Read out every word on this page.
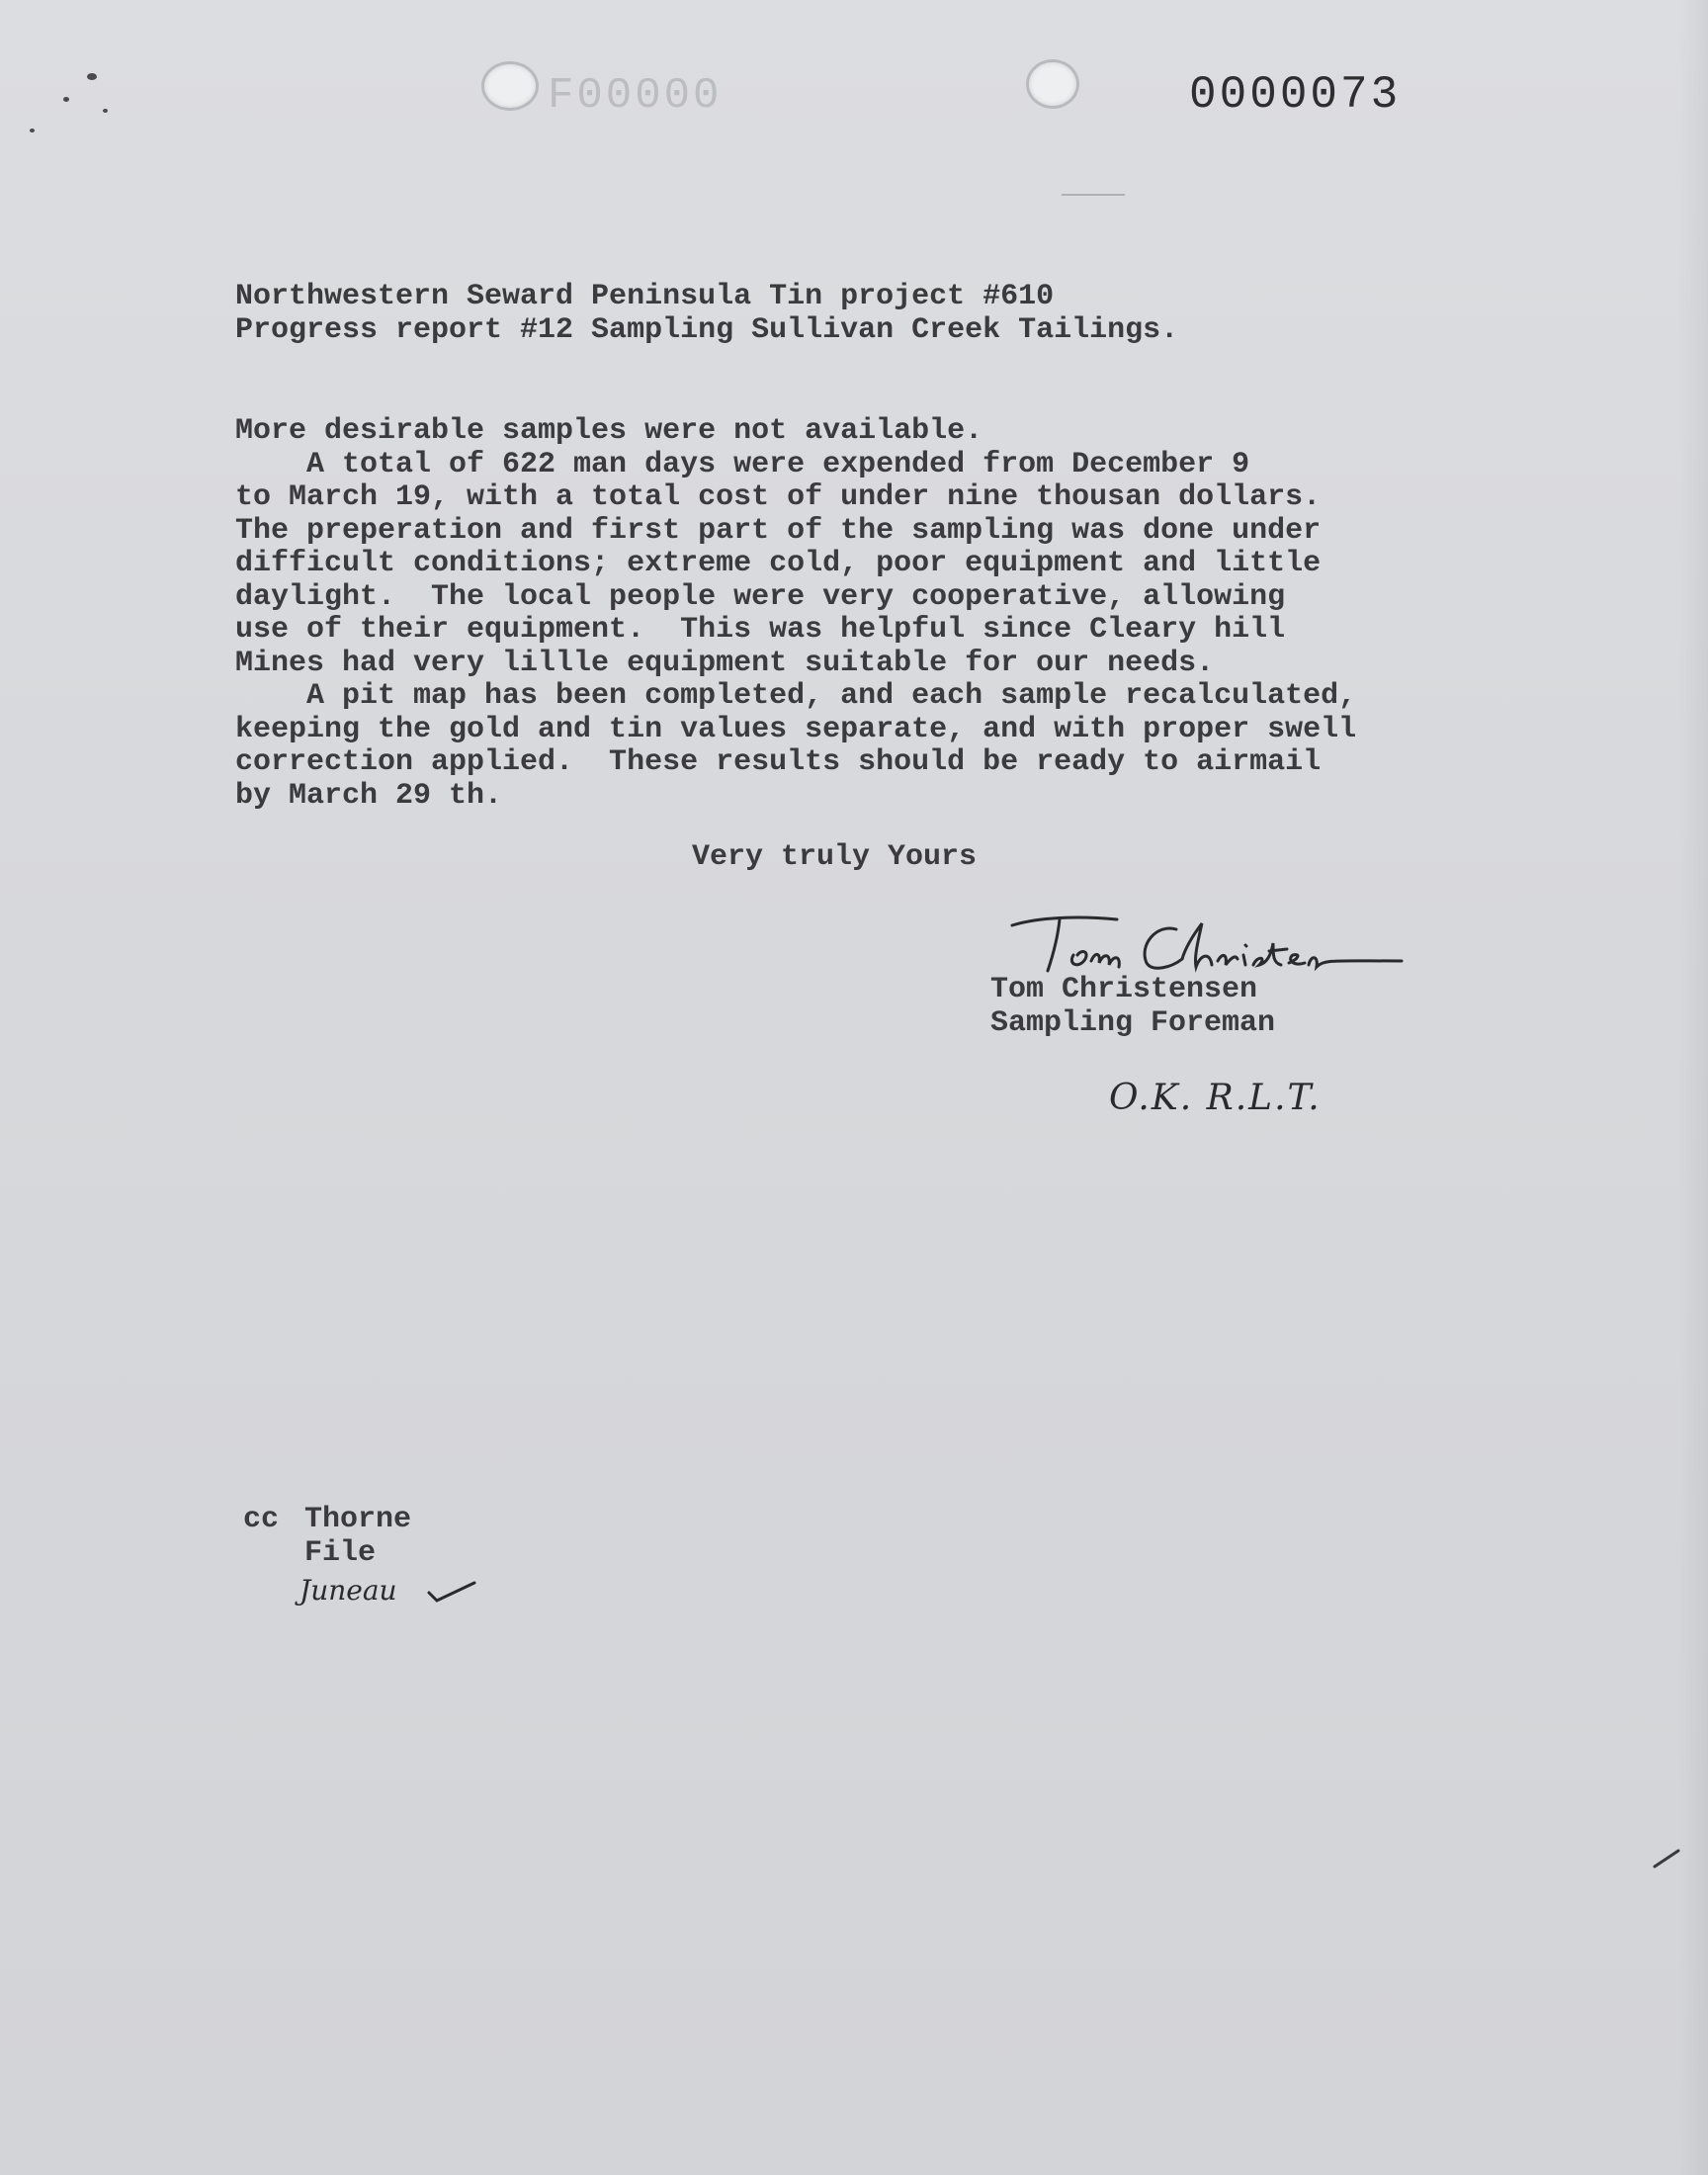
F00000	0000073
Northwestern Seward Peninsula Tin project #610
Progress report #12 Sampling Sullivan Creek Tailings.
More desirable samples were not available.
A total of 622 man days were expended from December 9
to March 19, with a total cost of under nine thousan dollars.
The preperation and first part of the sampling was done under
difficult conditions; extreme cold, poor equipment and little
daylight.  The local people were very cooperative, allowing
use of their equipment.  This was helpful since Cleary hill
Mines had very lillle equipment suitable for our needs.
A pit map has been completed, and each sample recalculated,
keeping the gold and tin values separate, and with proper swell
correction applied.  These results should be ready to airmail
by March 29 th.
Very truly Yours
Tom Christensen
Sampling Foreman
O.K. R.L.T.
cc Thorne
File
Juneau
